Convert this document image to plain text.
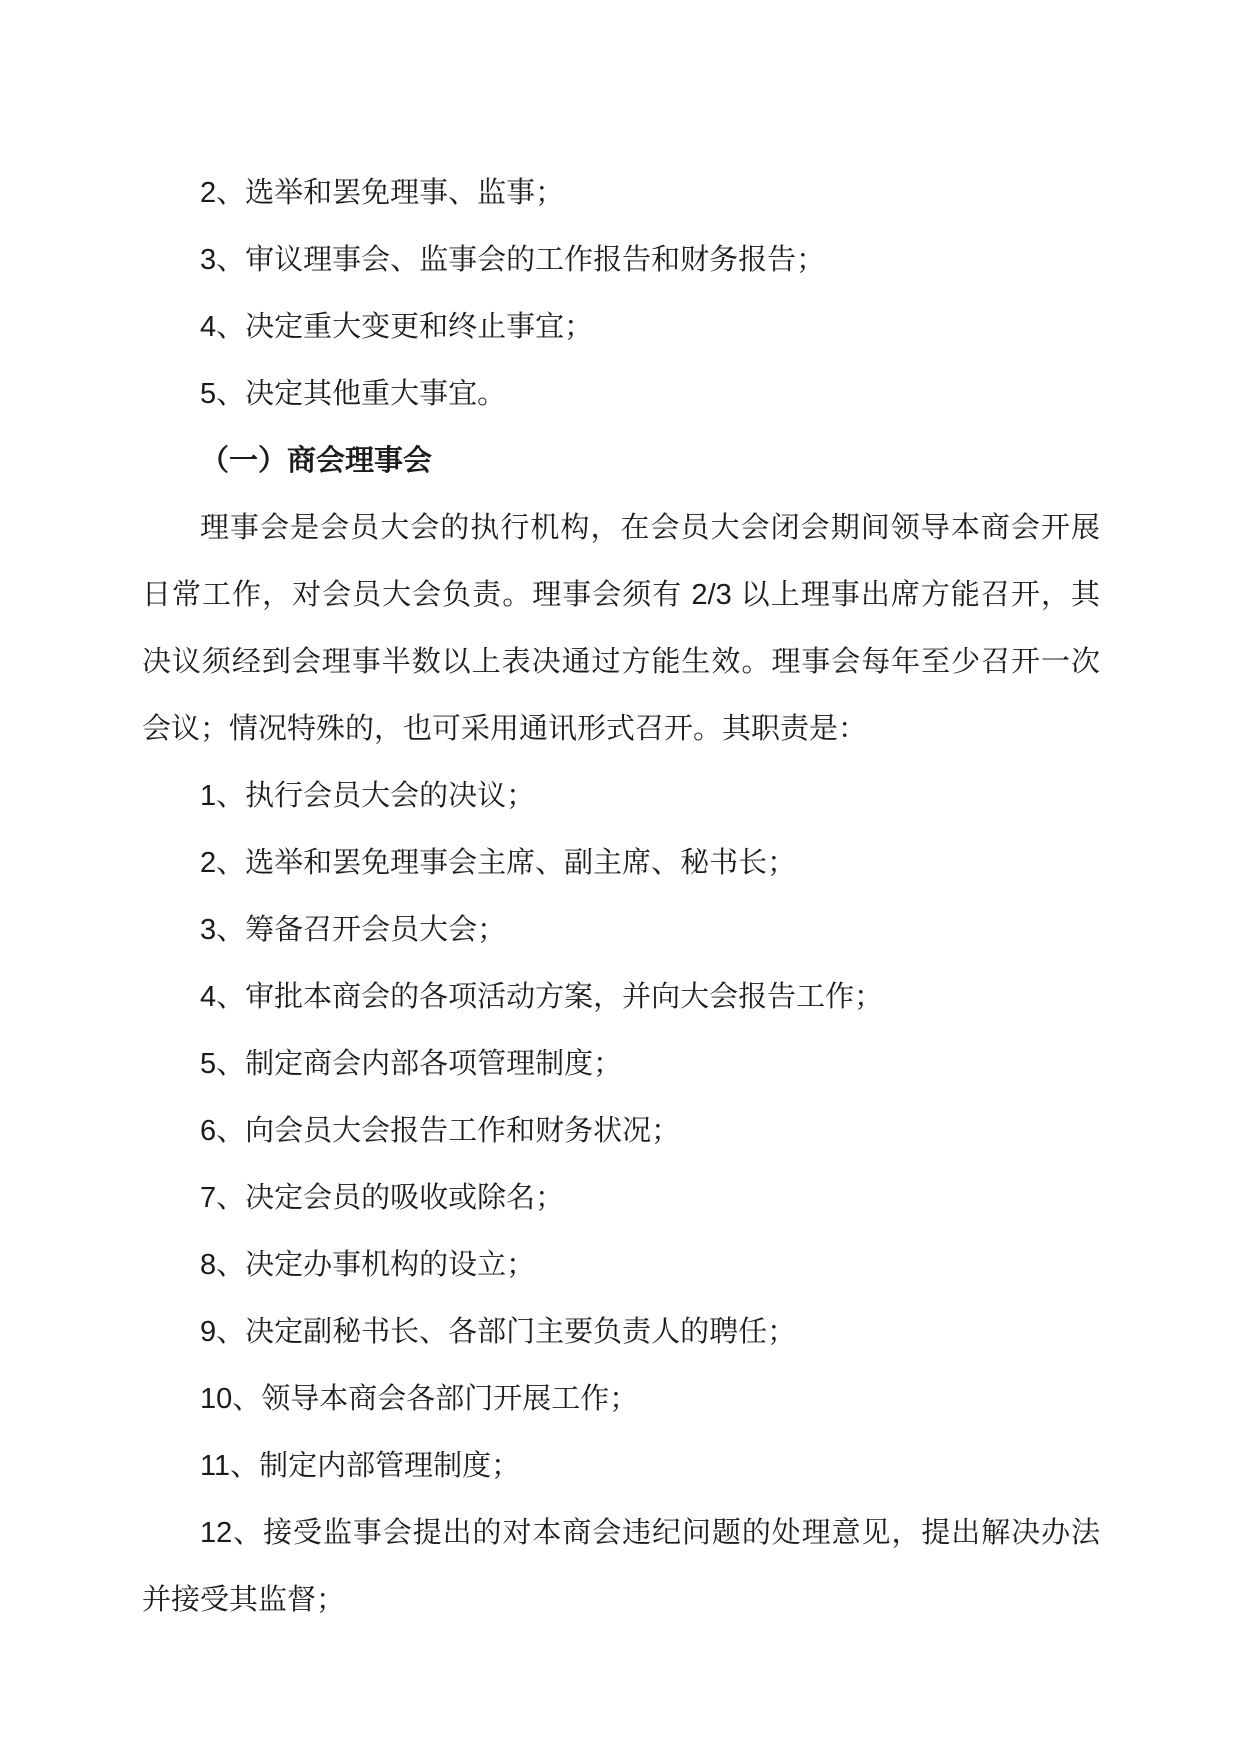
2、选举和罢免理事、监事；
3、审议理事会、监事会的工作报告和财务报告；
4、决定重大变更和终止事宜；
5、决定其他重大事宜。
（一）商会理事会
理事会是会员大会的执行机构，在会员大会闭会期间领导本商会开展
日常工作，对会员大会负责。理事会须有 2/3 以上理事出席方能召开，其
决议须经到会理事半数以上表决通过方能生效。理事会每年至少召开一次
会议；情况特殊的，也可采用通讯形式召开。其职责是：
1、执行会员大会的决议；
2、选举和罢免理事会主席、副主席、秘书长；
3、筹备召开会员大会；
4、审批本商会的各项活动方案，并向大会报告工作；
5、制定商会内部各项管理制度；
6、向会员大会报告工作和财务状况；
7、决定会员的吸收或除名；
8、决定办事机构的设立；
9、决定副秘书长、各部门主要负责人的聘任；
10、领导本商会各部门开展工作；
11、制定内部管理制度；
12、接受监事会提出的对本商会违纪问题的处理意见，提出解决办法
并接受其监督；
